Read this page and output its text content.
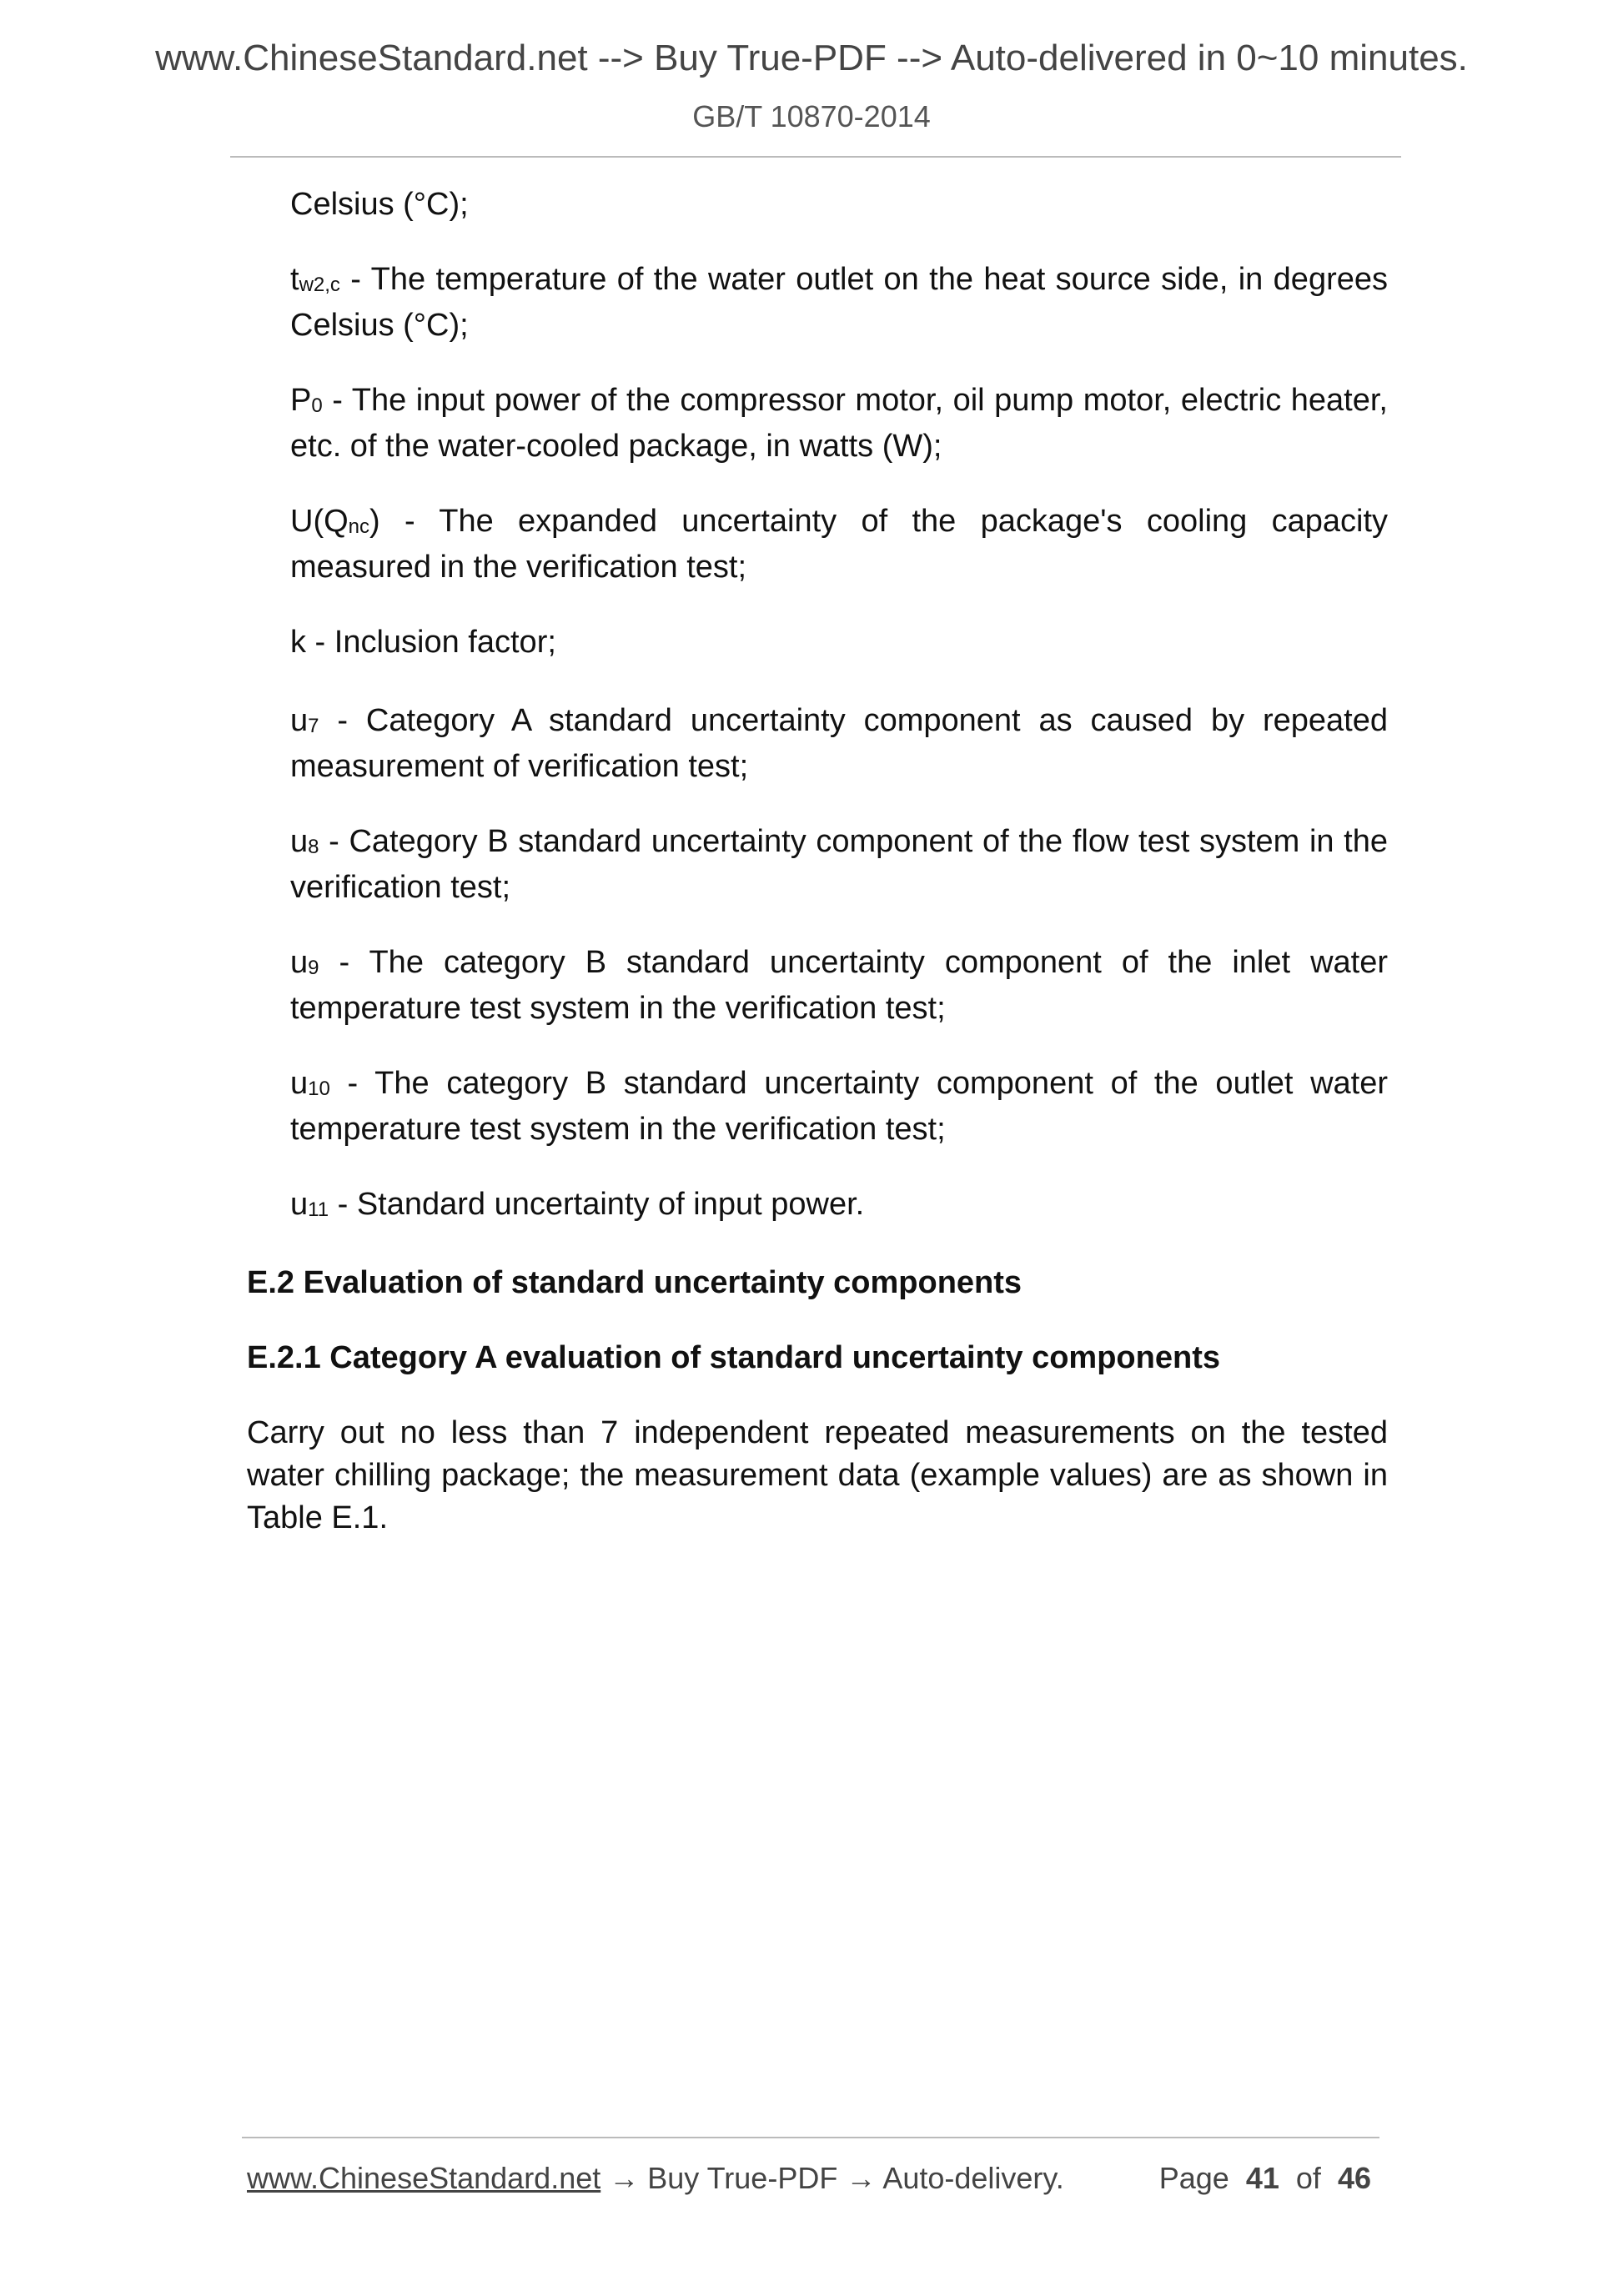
www.ChineseStandard.net --> Buy True-PDF --> Auto-delivered in 0~10 minutes.
GB/T 10870-2014

Celsius (°C);

$t_{w2,c}$ - The temperature of the water outlet on the heat source side, in degrees Celsius (°C);

$P_0$ - The input power of the compressor motor, oil pump motor, electric heater, etc. of the water-cooled package, in watts (W);

$U(Q_{nc})$ - The expanded uncertainty of the package's cooling capacity measured in the verification test;

k - Inclusion factor;

$u_7$ - Category A standard uncertainty component as caused by repeated measurement of verification test;

$u_8$ - Category B standard uncertainty component of the flow test system in the verification test;

$u_9$ - The category B standard uncertainty component of the inlet water temperature test system in the verification test;

$u_{10}$ - The category B standard uncertainty component of the outlet water temperature test system in the verification test;

$u_{11}$ - Standard uncertainty of input power.

E.2 Evaluation of standard uncertainty components

E.2.1 Category A evaluation of standard uncertainty components

Carry out no less than 7 independent repeated measurements on the tested water chilling package; the measurement data (example values) are as shown in Table E.1.

www.ChineseStandard.net → Buy True-PDF → Auto-delivery.	Page 41 of 46
